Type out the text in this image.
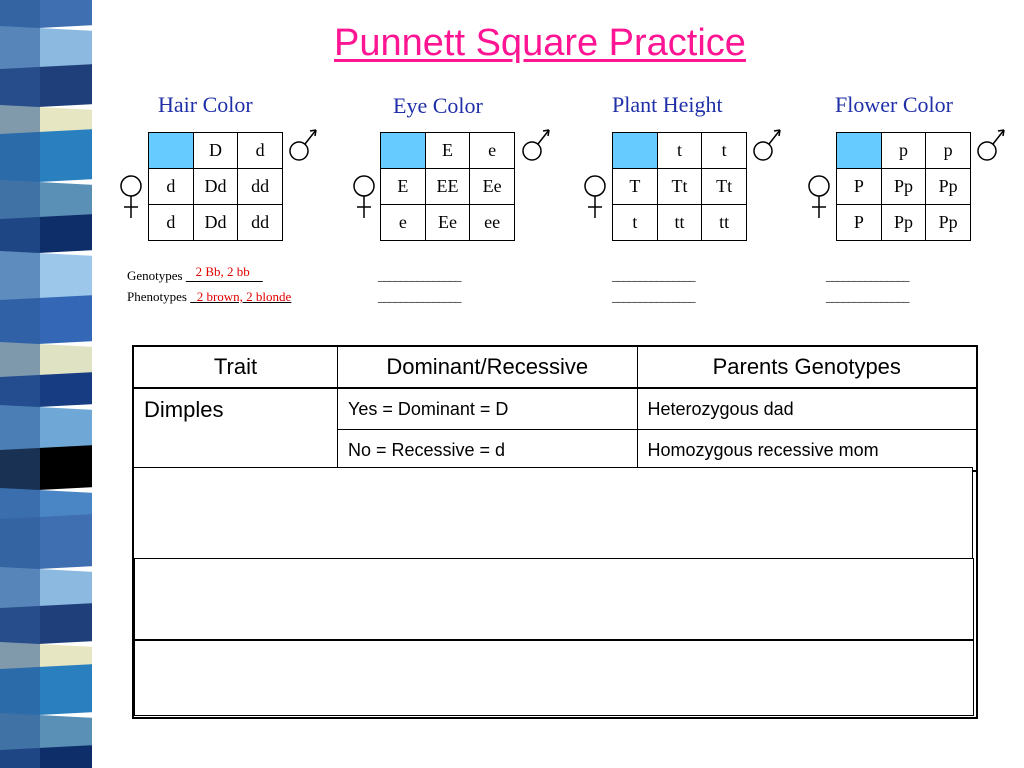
Punnett Square Practice
Hair Color
	D	d
d	Dd	dd
d	Dd	dd
Genotypes 2 Bb, 2 bb
Phenotypes 2 brown, 2 blonde
Eye Color
	E	e
E	EE	Ee
e	Ee	ee
_______________
_______________
Plant Height
	t	t
T	Tt	Tt
t	tt	tt
_______________
_______________
Flower Color
	p	p
P	Pp	Pp
P	Pp	Pp
_______________
_______________
Trait	Dominant/Recessive	Parents Genotypes
Dimples	Yes = Dominant = D	Heterozygous dad
	No = Recessive = d	Homozygous recessive mom
